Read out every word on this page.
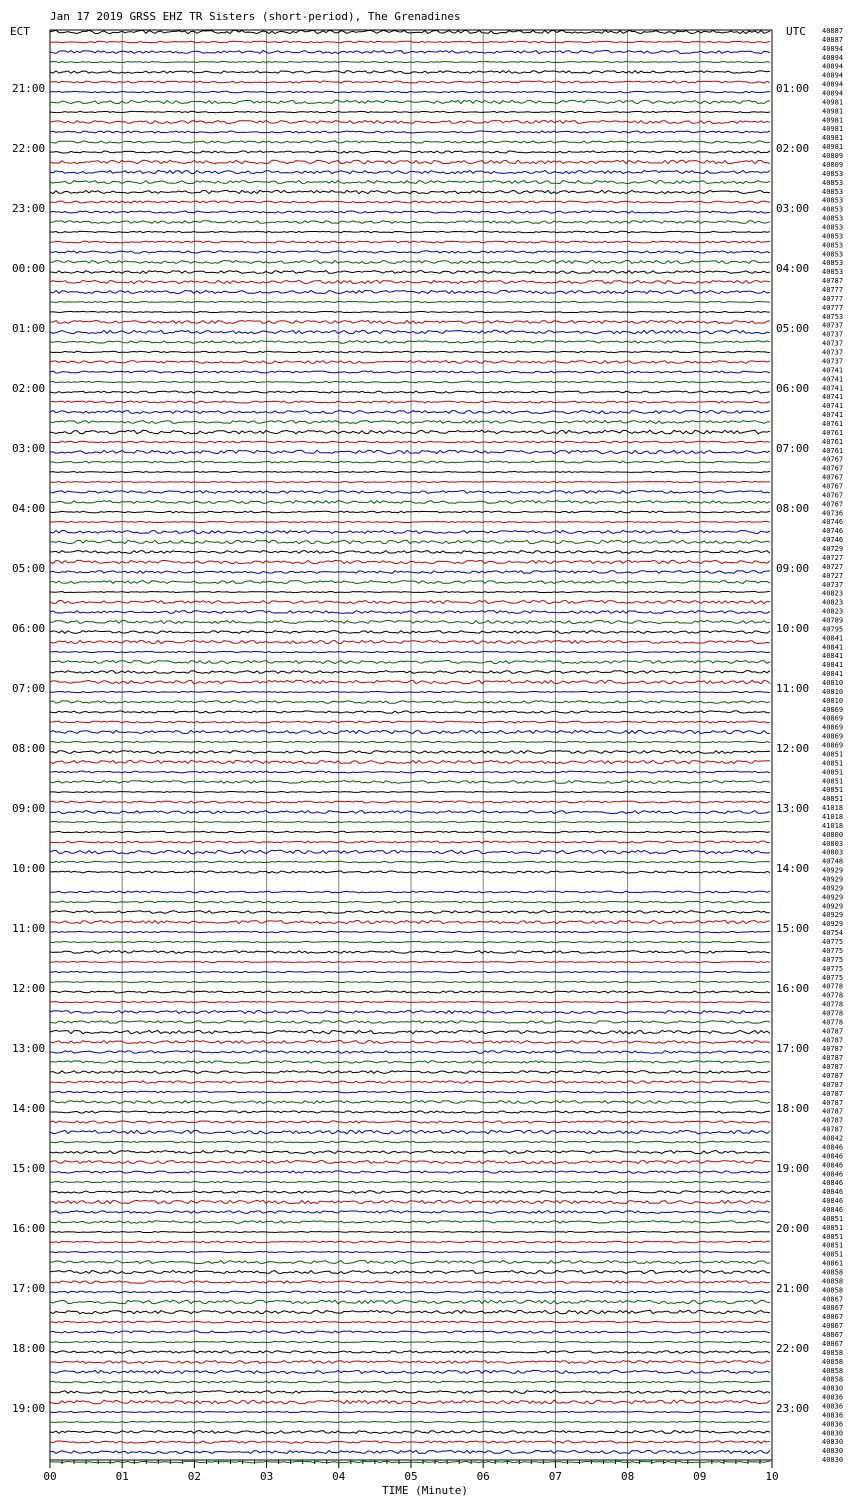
Jan 17 2019 GRSS EHZ TR Sisters (short-period), The Grenadines
ECT	UTC
TIME (Minute)
00	01	02	03	04	05	06	07	08	09	10
21:00
22:00
23:00
00:00
01:00
02:00
03:00
04:00
05:00
06:00
07:00
08:00
09:00
10:00
11:00
12:00
13:00
14:00
15:00
16:00
17:00
18:00
19:00
01:00
02:00
03:00
04:00
05:00
06:00
07:00
08:00
09:00
10:00
11:00
12:00
13:00
14:00
15:00
16:00
17:00
18:00
19:00
20:00
21:00
22:00
23:00
40887
40887
40894
40894
40894
40894
40894
40894
40981
40981
40981
40981
40981
40981
40809
40809
40853
40853
40853
40853
40853
40853
40853
40853
40853
40853
40853
40853
40787
40777
40777
40777
40753
40737
40737
40737
40737
40737
40741
40741
40741
40741
40741
40741
40761
40761
40761
40761
40767
40767
40767
40767
40767
40767
40736
40746
40746
40746
40729
40727
40727
40727
40737
40823
40823
40823
40789
40795
40841
40841
40841
40841
40841
40810
40810
40810
40869
40869
40869
40869
40869
40851
40851
40851
40851
40851
40851
41018
41018
41018
40800
40803
40803
40748
40929
40929
40929
40929
40929
40929
40929
40754
40775
40775
40775
40775
40775
40778
40778
40778
40778
40778
40787
40787
40787
40787
40787
40787
40787
40787
40787
40787
40787
40787
40842
40846
40846
40846
40846
40846
40846
40846
40846
40851
40851
40851
40851
40851
40861
40858
40858
40858
40867
40867
40867
40867
40867
40867
40858
40858
40858
40858
40830
40836
40836
40836
40836
40830
40830
40830
40830
